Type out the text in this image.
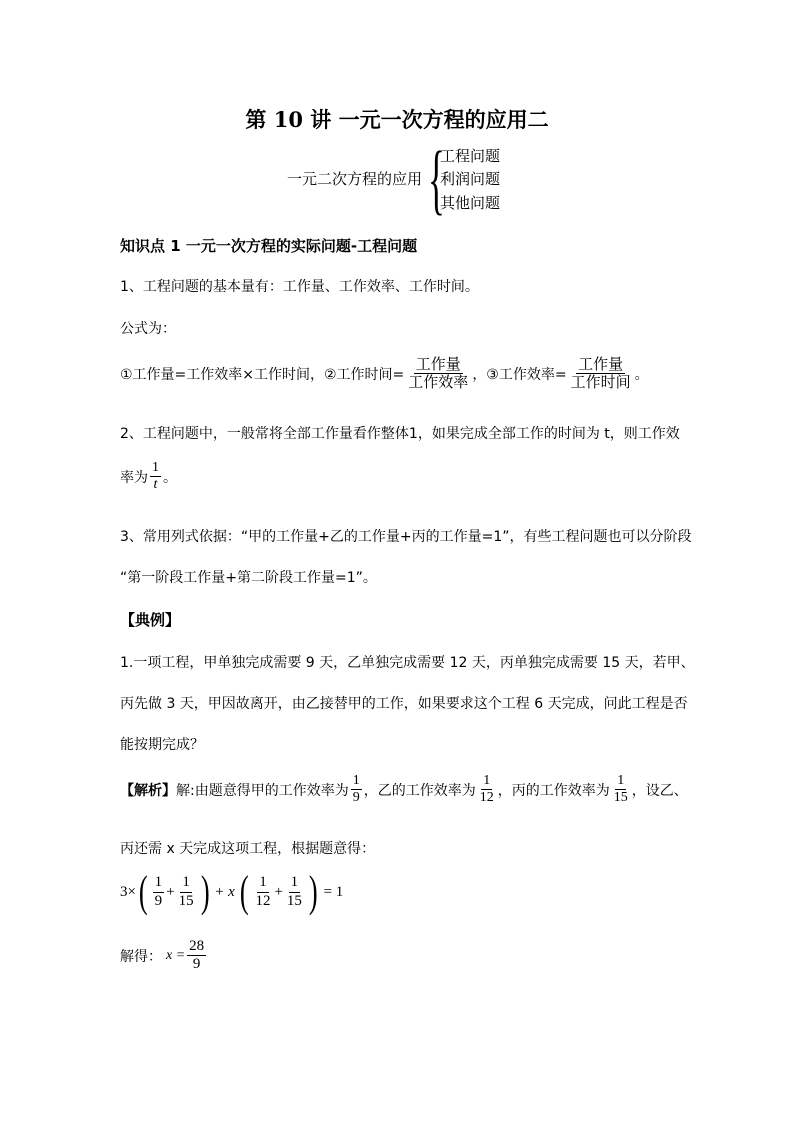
第 10 讲 一元一次方程的应用二
一元二次方程的应用 {
工程问题
利润问题
其他问题
知识点 1 一元一次方程的实际问题-工程问题
1、工程问题的基本量有：工作量、工作效率、工作时间。
公式为：
①工作量=工作效率×工作时间，②工作时间= $\frac{\text{工作量}}{\text{工作效率}}$ ，③工作效率= $\frac{\text{工作量}}{\text{工作时间}}$ 。
2、工程问题中，一般常将全部工作量看作整体1，如果完成全部工作的时间为 t，则工作效
率为 $\frac{1}{t}$ 。
3、常用列式依据：“甲的工作量+乙的工作量+丙的工作量=1”，有些工程问题也可以分阶段
“第一阶段工作量+第二阶段工作量=1”。
【典例】
1.一项工程，甲单独完成需要 9 天，乙单独完成需要 12 天，丙单独完成需要 15 天，若甲、
丙先做 3 天，甲因故离开，由乙接替甲的工作，如果要求这个工程 6 天完成，问此工程是否
能按期完成？
【解析】 解:由题意得甲的工作效率为 $\frac{1}{9}$ ，乙的工作效率为 $\frac{1}{12}$ ，丙的工作效率为 $\frac{1}{15}$ ，设乙、
丙还需 x 天完成这项工程，根据题意得：
3× ( $\frac{1}{9} + \frac{1}{15}$ ) + x ( $\frac{1}{12} + \frac{1}{15}$ ) = 1
解得： $x = \frac{28}{9}$
